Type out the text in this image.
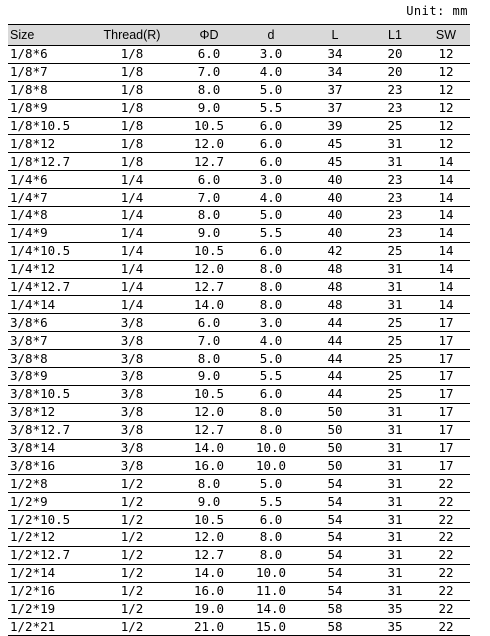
Unit: mm
Size	Thread(R)	ΦD	d	L	L1	SW
1/8*6	1/8	6.0	3.0	34	20	12
1/8*7	1/8	7.0	4.0	34	20	12
1/8*8	1/8	8.0	5.0	37	23	12
1/8*9	1/8	9.0	5.5	37	23	12
1/8*10.5	1/8	10.5	6.0	39	25	12
1/8*12	1/8	12.0	6.0	45	31	12
1/8*12.7	1/8	12.7	6.0	45	31	14
1/4*6	1/4	6.0	3.0	40	23	14
1/4*7	1/4	7.0	4.0	40	23	14
1/4*8	1/4	8.0	5.0	40	23	14
1/4*9	1/4	9.0	5.5	40	23	14
1/4*10.5	1/4	10.5	6.0	42	25	14
1/4*12	1/4	12.0	8.0	48	31	14
1/4*12.7	1/4	12.7	8.0	48	31	14
1/4*14	1/4	14.0	8.0	48	31	14
3/8*6	3/8	6.0	3.0	44	25	17
3/8*7	3/8	7.0	4.0	44	25	17
3/8*8	3/8	8.0	5.0	44	25	17
3/8*9	3/8	9.0	5.5	44	25	17
3/8*10.5	3/8	10.5	6.0	44	25	17
3/8*12	3/8	12.0	8.0	50	31	17
3/8*12.7	3/8	12.7	8.0	50	31	17
3/8*14	3/8	14.0	10.0	50	31	17
3/8*16	3/8	16.0	10.0	50	31	17
1/2*8	1/2	8.0	5.0	54	31	22
1/2*9	1/2	9.0	5.5	54	31	22
1/2*10.5	1/2	10.5	6.0	54	31	22
1/2*12	1/2	12.0	8.0	54	31	22
1/2*12.7	1/2	12.7	8.0	54	31	22
1/2*14	1/2	14.0	10.0	54	31	22
1/2*16	1/2	16.0	11.0	54	31	22
1/2*19	1/2	19.0	14.0	58	35	22
1/2*21	1/2	21.0	15.0	58	35	22
